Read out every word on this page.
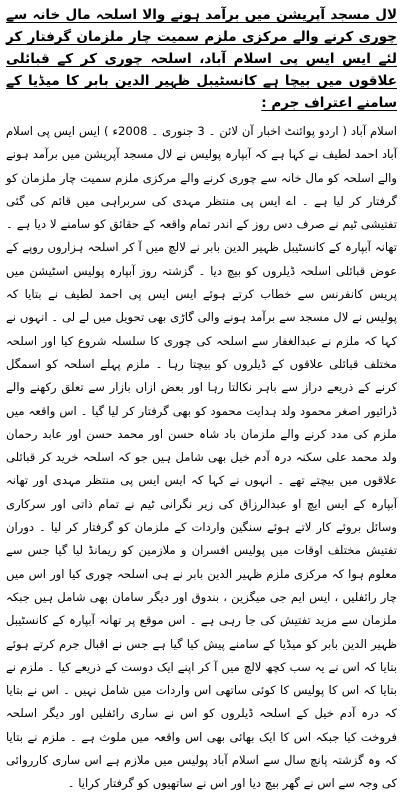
لال مسجد آپریشن میں برآمد ہونے والا اسلحہ مال خانہ سے چوری کرنے والے مرکزی ملزم سمیت چار ملزمان گرفتار کر لئے ایس ایس پی اسلام آباد، اسلحہ چوری کر کے قبائلی علاقوں میں بیچا ہے کانسٹیبل ظہیر الدین بابر کا میڈیا کے سامنے اعتراف جرم :

اسلام آباد ( اردو پوائنٹ اخبار آن لائن ۔ 3 جنوری ۔ 2008ء ) ایس ایس پی اسلام آباد احمد لطیف نے کہا ہے کہ آبپارہ پولیس نے لال مسجد آپریشن میں برآمد ہونے والے اسلحہ کو مال خانہ سے چوری کرنے والے مرکزی ملزم سمیت چار ملزمان کو گرفتار کر لیا ہے ۔ اے ایس پی منتظر مہدی کی سربراہی میں قائم کی گئی تفتیشی ٹیم نے صرف دس روز کے اندر تمام واقعہ کے حقائق کو سامنے لا دیا ہے ۔ تھانہ آبپارہ کے کانسٹیبل ظہیر الدین بابر نے لالچ میں آ کر اسلحہ ہزاروں روپے کے عوض قبائلی اسلحہ ڈیلروں کو بیچ دیا ۔ گزشتہ روز آبپارہ پولیس اسٹیشن میں پریس کانفرنس سے خطاب کرتے ہوئے ایس ایس پی احمد لطیف نے بتایا کہ پولیس نے لال مسجد سے برآمد ہونے والی گاڑی بھی تحویل میں لے لی ۔ انہوں نے کہا کہ ملزم نے عبدالغفار سے اسلحہ کی چوری کا سلسلہ شروع کیا اور اسلحہ مختلف قبائلی علاقوں کے ڈیلروں کو بیچتا رہا ۔ ملزم پہلے اسلحہ کو اسمگل کرنے کے ذریعے دراز سے باہر نکالتا رہا اور بعض ازاں بازار سے تعلق رکھنے والے ڈرائیور اصغر محمود ولد ہدایت محمود کو بھی گرفتار کر لیا گیا ۔ اس واقعہ میں ملزم کی مدد کرنے والے ملزمان باد شاہ حسن اور محمد حسن اور عابد رحمان ولد محمد علی سکنہ درہ آدم خیل بھی شامل ہیں جو کہ اسلحہ خرید کر قبائلی علاقوں میں بیچتے تھے ۔ انہوں نے کہا کہ ایس ایس پی منتظر مہدی اور تھانہ آبپارہ کے ایس ایچ او عبدالرزاق کی زیر نگرانی ٹیم نے تمام ذاتی اور سرکاری وسائل بروئے کار لاتے ہوئے سنگین واردات کے ملزمان کو گرفتار کر لیا ۔ دوران تفتیش مختلف اوقات میں پولیس افسران و ملازمین کو ریمانڈ لیا گیا جس سے معلوم ہوا کہ مرکزی ملزم ظہیر الدین بابر نے ہی اسلحہ چوری کیا اور اس میں چار رائفلیں ، ایس ایم جی میگزین ، بندوق اور دیگر سامان بھی شامل ہیں جبکہ ملزمان سے مزید تفتیش کی جا رہی ہے ۔ اس موقع پر تھانہ آبپارہ کے کانسٹیبل ظہیر الدین بابر کو میڈیا کے سامنے پیش کیا گیا ہے جس نے اقبال جرم کرتے ہوئے بتایا کہ اس نے یہ سب کچھ لالچ میں آ کر اپنے ایک دوست کے ذریعے کیا ۔ ملزم نے بتایا کہ اس کا پولیس کا کوئی ساتھی اس واردات میں شامل نہیں ۔ اس نے بتایا کہ درہ آدم خیل کے اسلحہ ڈیلروں کو اس نے ساری رائفلیں اور دیگر اسلحہ فروخت کیا جبکہ اس کا ایک بھائی بھی اس واقعہ میں ملوث ہے ۔ ملزم نے بتایا کہ وہ گزشتہ پانچ سال سے اسلام آباد پولیس میں ملازم ہے اس ساری کارروائی کی وجہ سے اس نے گھر بیچ دیا اور اس نے ساتھیوں کو گرفتار کرایا ۔
